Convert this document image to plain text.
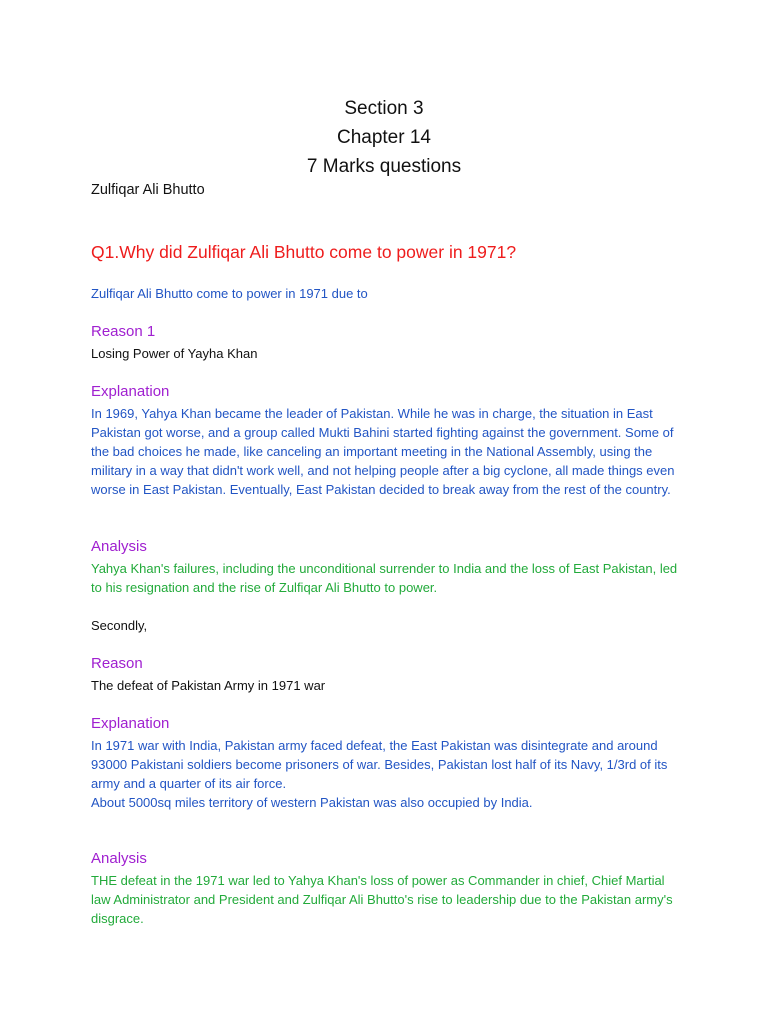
Section 3
Chapter 14
7 Marks questions

Zulfiqar Ali Bhutto

Q1.Why did Zulfiqar Ali Bhutto come to power in 1971?

Zulfiqar Ali Bhutto come to power in 1971 due to

Reason 1

Losing Power of Yayha Khan

Explanation

In 1969, Yahya Khan became the leader of Pakistan. While he was in charge, the situation in East Pakistan got worse, and a group called Mukti Bahini started fighting against the government. Some of the bad choices he made, like canceling an important meeting in the National Assembly, using the military in a way that didn't work well, and not helping people after a big cyclone, all made things even worse in East Pakistan. Eventually, East Pakistan decided to break away from the rest of the country.

Analysis

Yahya Khan's failures, including the unconditional surrender to India and the loss of East Pakistan, led to his resignation and the rise of Zulfiqar Ali Bhutto to power.

Secondly,

Reason

The defeat of Pakistan Army in 1971 war

Explanation

In 1971 war with India, Pakistan army faced defeat, the East Pakistan was disintegrate and around 93000 Pakistani soldiers become prisoners of war. Besides, Pakistan lost half of its Navy, 1/3rd of its army and a quarter of its air force.

About 5000sq miles territory of western Pakistan was also occupied by India.

Analysis

THE defeat in the 1971 war led to Yahya Khan's loss of power as Commander in chief, Chief Martial law Administrator and President and Zulfiqar Ali Bhutto's rise to leadership due to the Pakistan army's disgrace.
